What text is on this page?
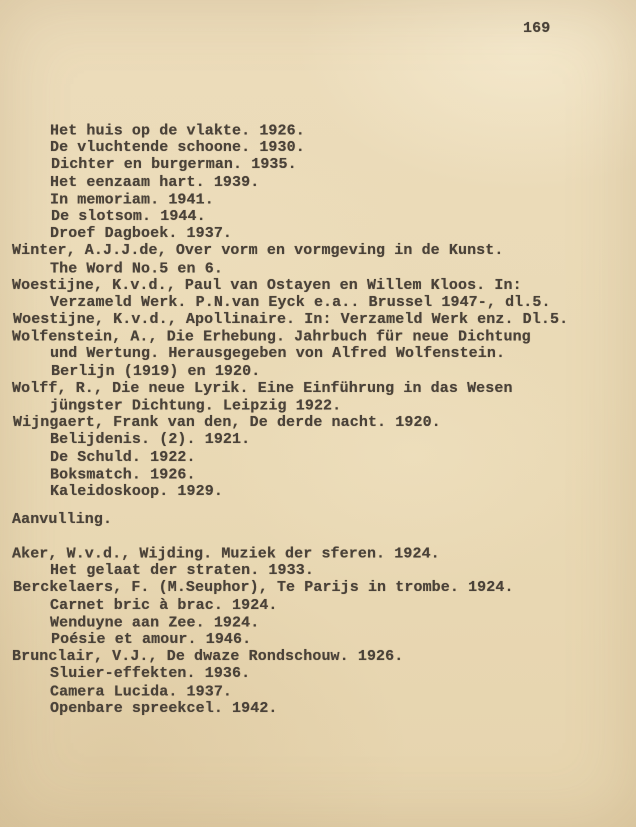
169
Het huis op de vlakte. 1926.
De vluchtende schoone. 1930.
Dichter en burgerman. 1935.
Het eenzaam hart. 1939.
In memoriam. 1941.
De slotsom. 1944.
Droef Dagboek. 1937.
Winter, A.J.J.de, Over vorm en vormgeving in de Kunst.
The Word No.5 en 6.
Woestijne, K.v.d., Paul van Ostayen en Willem Kloos. In:
Verzameld Werk. P.N.van Eyck e.a.. Brussel 1947-, dl.5.
Woestijne, K.v.d., Apollinaire. In: Verzameld Werk enz. Dl.5.
Wolfenstein, A., Die Erhebung. Jahrbuch für neue Dichtung
und Wertung. Herausgegeben von Alfred Wolfenstein.
Berlijn (1919) en 1920.
Wolff, R., Die neue Lyrik. Eine Einführung in das Wesen
jüngster Dichtung. Leipzig 1922.
Wijngaert, Frank van den, De derde nacht. 1920.
Belijdenis. (2). 1921.
De Schuld. 1922.
Boksmatch. 1926.
Kaleidoskoop. 1929.
Aanvulling.
Aker, W.v.d., Wijding. Muziek der sferen. 1924.
Het gelaat der straten. 1933.
Berckelaers, F. (M.Seuphor), Te Parijs in trombe. 1924.
Carnet bric à brac. 1924.
Wenduyne aan Zee. 1924.
Poésie et amour. 1946.
Brunclair, V.J., De dwaze Rondschouw. 1926.
Sluier-effekten. 1936.
Camera Lucida. 1937.
Openbare spreekcel. 1942.
